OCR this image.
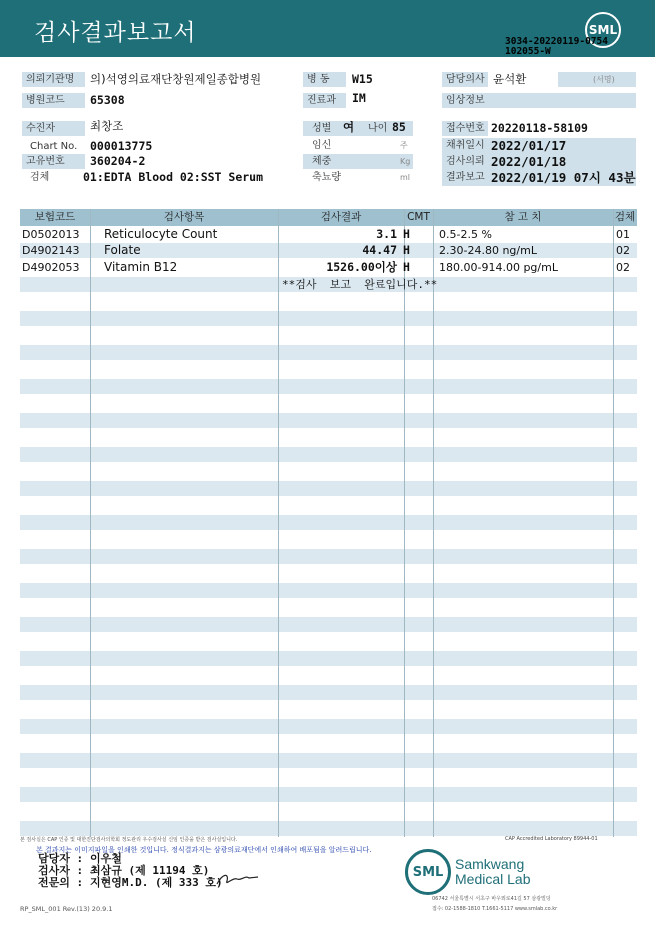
검사결과보고서	SML
3034-20220119-0754
102055-W
의뢰기관명	의)석영의료재단창원제일종합병원
병원코드	65308
병 동	W15
진료과	IM
담당의사 윤석환	(서명)
임상정보
수진자	최창조
Chart No. 000013775
고유번호	360204-2
검체	01:EDTA Blood 02:SST Serum
성별 여 나이 85
임신	주
체중	Kg
축뇨량	ml
접수번호 20220118-58109
채취일시 2022/01/17
검사의뢰 2022/01/18
결과보고 2022/01/19 07시 43분
보험코드	검사항목	검사결과	CMT	참 고 치	검체
D0502013 Reticulocyte Count	3.1 H	0.5-2.5 %	01
D4902143 Folate	44.47 H	2.30-24.80 ng/mL	02
D4902053 Vitamin B12	1526.00이상 H	180.00-914.00 pg/mL	02
**검사  보고  완료입니다.**
본 검사실은 CAP 인증 및 대한진단검사의학회 정도관리 우수검사실 신임 인증을 받은 검사실입니다.	CAP Accredited Laboratory 89944-01
본 결과지는 이미지파일을 인쇄한 것입니다. 정식결과지는 삼광의료재단에서 인쇄하여 배포됨을 알려드립니다.
담당자 : 이우철
검사자 : 최삼규 (제 11194 호)
전문의 : 지현영M.D. (제 333 호)
RP_SML_001 Rev.(13) 20.9.1
SML Samkwang
Medical Lab
06742 서울특별시 서초구 바우뫼로41길 57 삼광빌딩
접수: 02-1588-1810 T.1661-5117 www.smlab.co.kr
